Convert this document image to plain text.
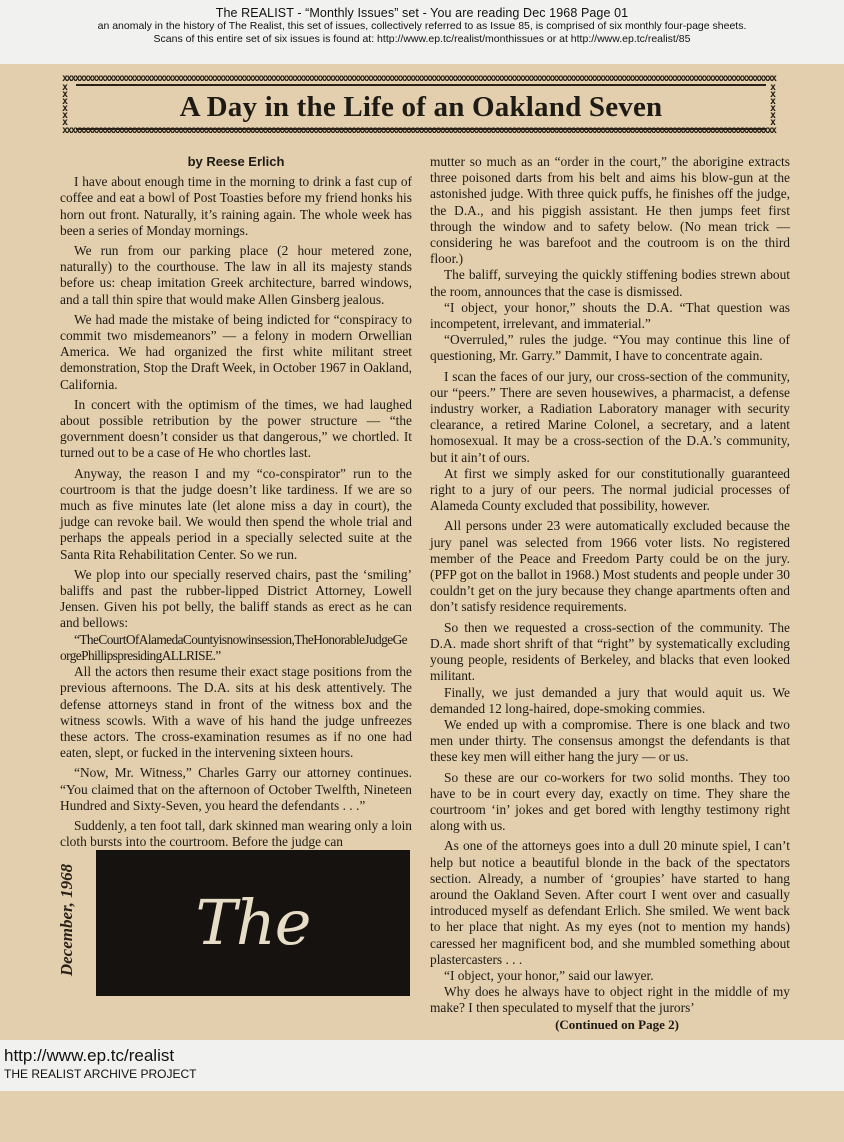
The REALIST - “Monthly Issues” set - You are reading Dec 1968 Page 01
an anomaly in the history of The Realist, this set of issues, collectively referred to as Issue 85, is comprised of six monthly four-page sheets.
Scans of this entire set of six issues is found at: http://www.ep.tc/realist/monthissues or at http://www.ep.tc/realist/85
xxxxxxxxxxxxxxxxxxxxxxxxxxxxxxxxxxxxxxxxxxxxxxxxxxxxxxxxxxxxxxxxxxxxxxxxxxxxxxxxxxxxxxxxxxxxxxxxxxxxxxxxxxxxxxxxxxxxxxxxxxxxxxxxxxxxxxxxxxxxxxxxxxxxxxxxxxxxxxxxxxxxxxxxx
x
x
x
x
x
x	A Day in the Life of an Oakland Seven
x
x
x
x
x
x
xxxxxxxxxxxxxxxxxxxxxxxxxxxxxxxxxxxxxxxxxxxxxxxxxxxxxxxxxxxxxxxxxxxxxxxxxxxxxxxxxxxxxxxxxxxxxxxxxxxxxxxxxxxxxxxxxxxxxxxxxxxxxxxxxxxxxxxxxxxxxxxxxxxxxxxxxxxxxxxxxxxxxxxxx

by Reese Erlich

I have about enough time in the morning to drink a fast cup of coffee and eat a bowl of Post Toasties before my friend honks his horn out front. Naturally, it’s raining again. The whole week has been a series of Monday mornings.

We run from our parking place (2 hour metered zone, naturally) to the courthouse. The law in all its majesty stands before us: cheap imitation Greek architecture, barred windows, and a tall thin spire that would make Allen Ginsberg jealous.

We had made the mistake of being indicted for “conspiracy to commit two misdemeanors” — a felony in modern Orwellian America. We had organized the first white militant street demonstration, Stop the Draft Week, in October 1967 in Oakland, California.

In concert with the optimism of the times, we had laughed about possible retribution by the power structure — “the government doesn’t consider us that dangerous,” we chortled. It turned out to be a case of He who chortles last.

Anyway, the reason I and my “co-conspirator” run to the courtroom is that the judge doesn’t like tardiness. If we are so much as five minutes late (let alone miss a day in court), the judge can revoke bail. We would then spend the whole trial and perhaps the appeals period in a specially selected suite at the Santa Rita Rehabilitation Center. So we run.

We plop into our specially reserved chairs, past the ‘smiling’ baliffs and past the rubber-lipped District Attorney, Lowell Jensen. Given his pot belly, the baliff stands as erect as he can and bellows:

“TheCourtOfAlamedaCountyisnowinsession,TheHonorableJudgeGeorgePhillipspresidingALLRISE.”

All the actors then resume their exact stage positions from the previous afternoons. The D.A. sits at his desk attentively. The defense attorneys stand in front of the witness box and the witness scowls. With a wave of his hand the judge unfreezes these actors. The cross-examination resumes as if no one had eaten, slept, or fucked in the intervening sixteen hours.

“Now, Mr. Witness,” Charles Garry our attorney continues. “You claimed that on the afternoon of October Twelfth, Nineteen Hundred and Sixty-Seven, you heard the defendants . . .”

Suddenly, a ten foot tall, dark skinned man wearing only a loin cloth bursts into the courtroom. Before the judge can

mutter so much as an “order in the court,” the aborigine extracts three poisoned darts from his belt and aims his blow-gun at the astonished judge. With three quick puffs, he finishes off the judge, the D.A., and his piggish assistant. He then jumps feet first through the window and to safety below. (No mean trick — considering he was barefoot and the coutroom is on the third floor.)

The baliff, surveying the quickly stiffening bodies strewn about the room, announces that the case is dismissed.

“I object, your honor,” shouts the D.A. “That question was incompetent, irrelevant, and immaterial.”

“Overruled,” rules the judge. “You may continue this line of questioning, Mr. Garry.” Dammit, I have to concentrate again.

I scan the faces of our jury, our cross-section of the community, our “peers.” There are seven housewives, a pharmacist, a defense industry worker, a Radiation Laboratory manager with security clearance, a retired Marine Colonel, a secretary, and a latent homosexual. It may be a cross-section of the D.A.’s community, but it ain’t of ours.

At first we simply asked for our constitutionally guaranteed right to a jury of our peers. The normal judicial processes of Alameda County excluded that possibility, however.

All persons under 23 were automatically excluded because the jury panel was selected from 1966 voter lists. No registered member of the Peace and Freedom Party could be on the jury. (PFP got on the ballot in 1968.) Most students and people under 30 couldn’t get on the jury because they change apartments often and don’t satisfy residence requirements.

So then we requested a cross-section of the community. The D.A. made short shrift of that “right” by systematically excluding young people, residents of Berkeley, and blacks that even looked militant.

Finally, we just demanded a jury that would aquit us. We demanded 12 long-haired, dope-smoking commies.

We ended up with a compromise. There is one black and two men under thirty. The consensus amongst the defendants is that these key men will either hang the jury — or us.

So these are our co-workers for two solid months. They too have to be in court every day, exactly on time. They share the courtroom ‘in’ jokes and get bored with lengthy testimony right along with us.

As one of the attorneys goes into a dull 20 minute spiel, I can’t help but notice a beautiful blonde in the back of the spectators section. Already, a number of ‘groupies’ have started to hang around the Oakland Seven. After court I went over and casually introduced myself as defendant Erlich. She smiled. We went back to her place that night. As my eyes (not to mention my hands) caressed her magnificent bod, and she mumbled something about plastercasters . . .

“I object, your honor,” said our lawyer.

Why does he always have to object right in the middle of my make? I then speculated to myself that the jurors’

(Continued on Page 2)

December, 1968	The
http://www.ep.tc/realist
THE REALIST ARCHIVE PROJECT
